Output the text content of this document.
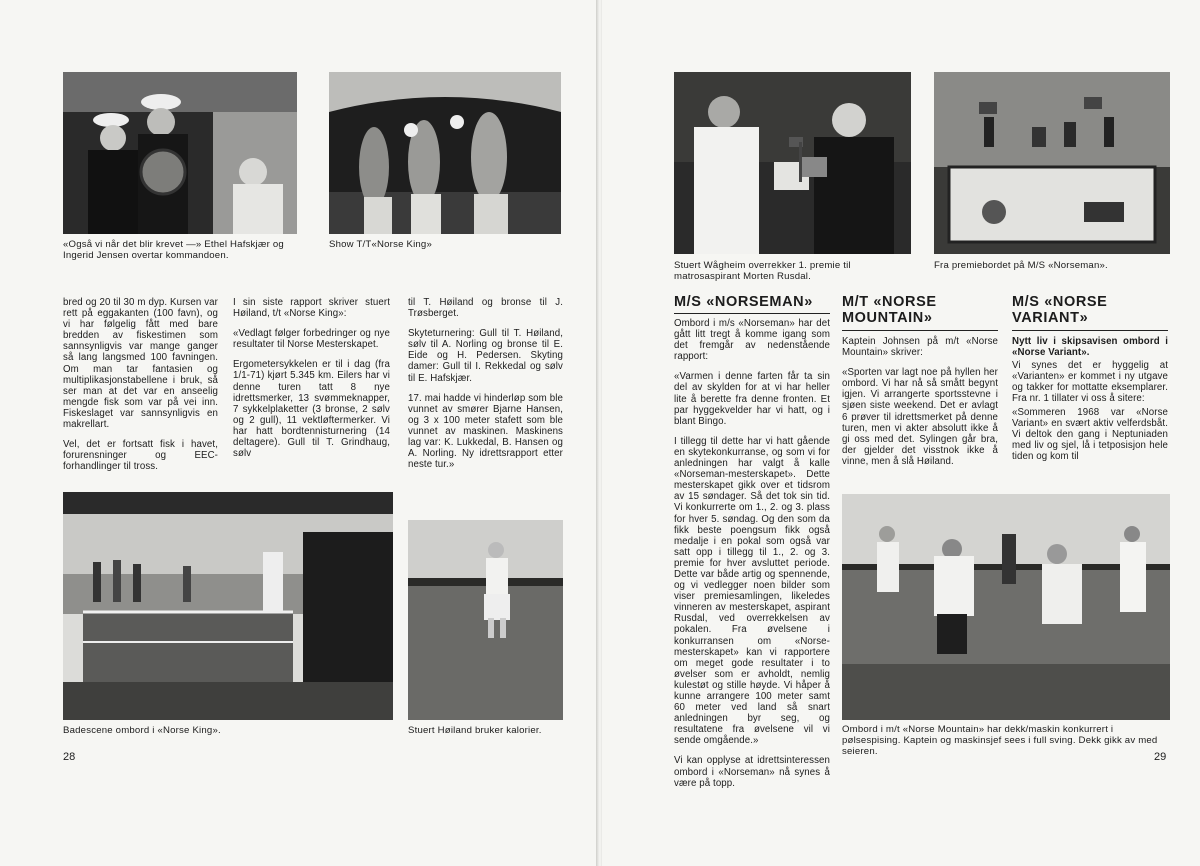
«Også vi når det blir krevet —» Ethel Hafskjær og Ingerid Jensen overtar kommandoen.
Show T/T«Norse King»

bred og 20 til 30 m dyp. Kursen var rett på eggakanten (100 favn), og vi har følgelig fått med bare bredden av fiskestimen som sannsynligvis var mange ganger så lang langsmed 100 favningen. Om man tar fantasien og multiplikasjonstabellene i bruk, så ser man at det var en anseelig mengde fisk som var på vei inn. Fiskeslaget var sannsynligvis en makrellart.

Vel, det er fortsatt fisk i havet, forurensninger og EEC-forhandlinger til tross.

I sin siste rapport skriver stuert Høiland, t/t «Norse King»:

«Vedlagt følger forbedringer og nye resultater til Norse Mesterskapet.

Ergometersykkelen er til i dag (fra 1/1-71) kjørt 5.345 km. Eilers har vi denne turen tatt 8 nye idrettsmerker, 13 svømmeknapper, 7 sykkelplaketter (3 bronse, 2 sølv og 2 gull), 11 vektløftermerker. Vi har hatt bordtennisturnering (14 deltagere). Gull til T. Grindhaug, sølv

til T. Høiland og bronse til J. Trøsberget.

Skyteturnering: Gull til T. Høiland, sølv til A. Norling og bronse til E. Eide og H. Pedersen. Skyting damer: Gull til I. Rekkedal og sølv til E. Hafskjær.

17. mai hadde vi hinderløp som ble vunnet av smører Bjarne Hansen, og 3 x 100 meter stafett som ble vunnet av maskinen. Maskinens lag var: K. Lukkedal, B. Hansen og A. Norling. Ny idrettsrapport etter neste tur.»

Badescene ombord i «Norse King».	Stuert Høiland bruker kalorier.
28
Stuert Wågheim overrekker 1. premie til matrosaspirant Morten Rusdal.
Fra premiebordet på M/S «Norseman».
M/S «NORSEMAN»

Ombord i m/s «Norseman» har det gått litt tregt å komme igang som det fremgår av nedenstående rapport:

«Varmen i denne farten får ta sin del av skylden for at vi har heller lite å berette fra denne fronten. Et par hyggekvelder har vi hatt, og i blant Bingo.

I tillegg til dette har vi hatt gående en skytekonkurranse, og som vi for anledningen har valgt å kalle «Norseman-mesterskapet». Dette mesterskapet gikk over et tidsrom av 15 søndager. Så det tok sin tid. Vi konkurrerte om 1., 2. og 3. plass for hver 5. søndag. Og den som da fikk beste poengsum fikk også medalje i en pokal som også var satt opp i tillegg til 1., 2. og 3. premie for hver avsluttet periode. Dette var både artig og spennende, og vi vedlegger noen bilder som viser premiesamlingen, likeledes vinneren av mesterskapet, aspirant Rusdal, ved overrekkelsen av pokalen. Fra øvelsene i konkurransen om «Norse-mesterskapet» kan vi rapportere om meget gode resultater i to øvelser som er avholdt, nemlig kulestøt og stille høyde. Vi håper å kunne arrangere 100 meter samt 60 meter ved land så snart anledningen byr seg, og resultatene fra øvelsene vil vi sende omgående.»

Vi kan opplyse at idrettsinteressen ombord i «Norseman» nå synes å være på topp.

M/T «NORSE MOUNTAIN»

Kaptein Johnsen på m/t «Norse Mountain» skriver:

«Sporten var lagt noe på hyllen her ombord. Vi har nå så smått begynt igjen. Vi arrangerte sportsstevne i sjøen siste weekend. Det er avlagt 6 prøver til idrettsmerket på denne turen, men vi akter absolutt ikke å gi oss med det. Sylingen går bra, der gjelder det visstnok ikke å vinne, men å slå Høiland.

M/S «NORSE VARIANT»

Nytt liv i skipsavisen ombord i «Norse Variant».

Vi synes det er hyggelig at «Varianten» er kommet i ny utgave og takker for mottatte eksemplarer. Fra nr. 1 tillater vi oss å sitere:

«Sommeren 1968 var «Norse Variant» en svært aktiv velferdsbåt. Vi deltok den gang i Neptuniaden med liv og sjel, lå i tetposisjon hele tiden og kom til

Ombord i m/t «Norse Mountain» har dekk/maskin konkurrert i pølsespising. Kaptein og maskinsjef sees i full sving. Dekk gikk av med seieren.	29
